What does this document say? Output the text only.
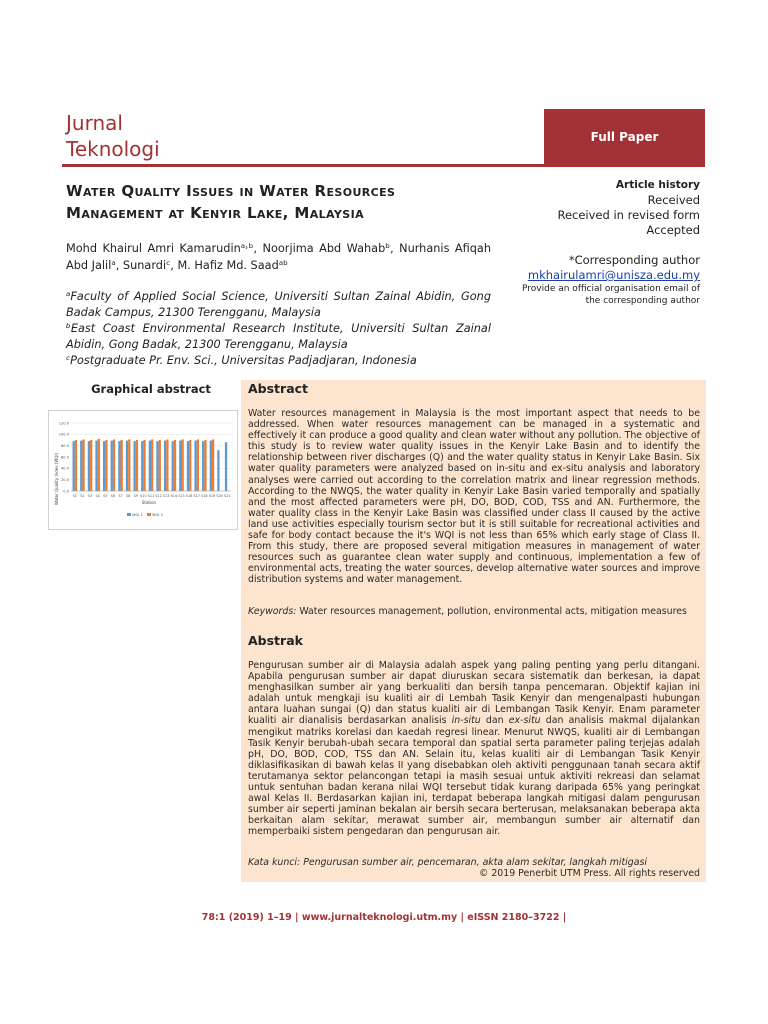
Jurnal
Teknologi
Full Paper
Water Quality Issues in Water Resources
Management at Kenyir Lake, Malaysia
Mohd Khairul Amri Kamarudinᵃ˒ᵇ, Noorjima Abd Wahabᵇ, Nurhanis Afiqah Abd Jalilᵃ, Sunardiᶜ, M. Hafiz Md. Saadᵃᵇ
ᵃFaculty of Applied Social Science, Universiti Sultan Zainal Abidin, Gong Badak Campus, 21300 Terengganu, Malaysia
ᵇEast Coast Environmental Research Institute, Universiti Sultan Zainal Abidin, Gong Badak, 21300 Terengganu, Malaysia
ᶜPostgraduate Pr. Env. Sci., Universitas Padjadjaran, Indonesia
Article history
Received
Received in revised form
Accepted
*Corresponding author
mkhairulamri@unisza.edu.my
Provide an official organisation email of
the corresponding author
Graphical abstract
120.0
100.0
80.0
60.0
40.0
20.0
0.0
S1 S2 S3 S4 S5 S6 S7 S8 S9 S10 S11 S12 S13 S14 S15 S16 S17 S18 S19 S20 S21
Water Quality Index (WQI)	Station
WQI 1	WQI 2
Abstract
Water resources management in Malaysia is the most important aspect that needs to be addressed. When water resources management can be managed in a systematic and effectively it can produce a good quality and clean water without any pollution. The objective of this study is to review water quality issues in the Kenyir Lake Basin and to identify the relationship between river discharges (Q) and the water quality status in Kenyir Lake Basin. Six water quality parameters were analyzed based on in-situ and ex-situ analysis and laboratory analyses were carried out according to the correlation matrix and linear regression methods. According to the NWQS, the water quality in Kenyir Lake Basin varied temporally and spatially and the most affected parameters were pH, DO, BOD, COD, TSS and AN. Furthermore, the water quality class in the Kenyir Lake Basin was classified under class II caused by the active land use activities especially tourism sector but it is still suitable for recreational activities and safe for body contact because the it's WQI is not less than 65% which early stage of Class II. From this study, there are proposed several mitigation measures in management of water resources such as guarantee clean water supply and continuous, implementation a few of environmental acts, treating the water sources, develop alternative water sources and improve distribution systems and water management.
Keywords: Water resources management, pollution, environmental acts, mitigation measures
Abstrak
Pengurusan sumber air di Malaysia adalah aspek yang paling penting yang perlu ditangani. Apabila pengurusan sumber air dapat diuruskan secara sistematik dan berkesan, ia dapat menghasilkan sumber air yang berkualiti dan bersih tanpa pencemaran. Objektif kajian ini adalah untuk mengkaji isu kualiti air di Lembah Tasik Kenyir dan mengenalpasti hubungan antara luahan sungai (Q) dan status kualiti air di Lembangan Tasik Kenyir. Enam parameter kualiti air dianalisis berdasarkan analisis in-situ dan ex-situ dan analisis makmal dijalankan mengikut matriks korelasi dan kaedah regresi linear. Menurut NWQS, kualiti air di Lembangan Tasik Kenyir berubah-ubah secara temporal dan spatial serta parameter paling terjejas adalah pH, DO, BOD, COD, TSS dan AN. Selain itu, kelas kualiti air di Lembangan Tasik Kenyir diklasifikasikan di bawah kelas II yang disebabkan oleh aktiviti penggunaan tanah secara aktif terutamanya sektor pelancongan tetapi ia masih sesuai untuk aktiviti rekreasi dan selamat untuk sentuhan badan kerana nilai WQI tersebut tidak kurang daripada 65% yang peringkat awal Kelas II. Berdasarkan kajian ini, terdapat beberapa langkah mitigasi dalam pengurusan sumber air seperti jaminan bekalan air bersih secara berterusan, melaksanakan beberapa akta berkaitan alam sekitar, merawat sumber air, membangun sumber air alternatif dan memperbaiki sistem pengedaran dan pengurusan air.
Kata kunci: Pengurusan sumber air, pencemaran, akta alam sekitar, langkah mitigasi
© 2019 Penerbit UTM Press. All rights reserved
78:1 (2019) 1–19 | www.jurnalteknologi.utm.my | eISSN 2180–3722 |
